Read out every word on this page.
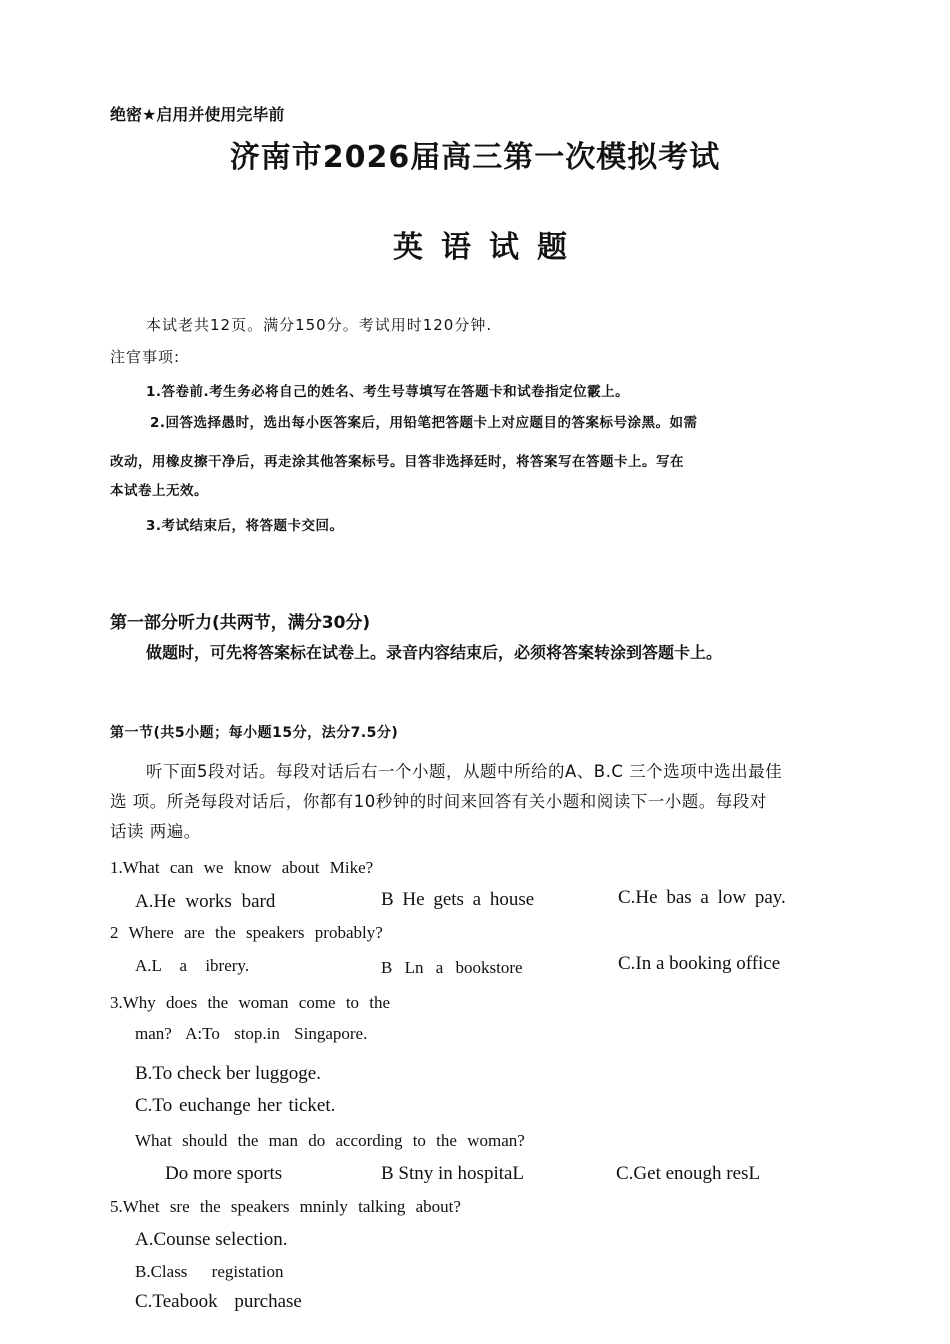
绝密★启用并使用完毕前
济南市2026届高三第一次模拟考试
英语试题
本试老共12页。满分150分。考试用时120分钟.
注官事项:
1.答卷前.考生务必将自己的姓名、考生号荨填写在答题卡和试卷指定位霰上。
2.回答选择愚时，选出每小医答案后，用铅笔把答题卡上对应题目的答案标号涂黑。如需
改动，用橡皮擦干净后，再走涂其他答案标号。目答非选择廷时，将答案写在答题卡上。写在
本试卷上无效。
3.考试结束后，将答题卡交回。
第一部分听力(共两节，满分30分)
做题时，可先将答案标在试卷上。录音内容结束后，必须将答案转涂到答题卡上。
第一节(共5小题；每小题15分，法分7.5分)
听下面5段对话。每段对话后右一个小题，从题中所给的A、B.C 三个选项中选出最佳
选 项。所尧每段对话后，你都有10秒钟的时间来回答有关小题和阅读下一小题。每段对
话读 两遍。
1.What can we know about Mike?
A.He works bard	B He gets a house	C.He bas a low pay.
2 Where are the speakers probably?
A.L a ibrery.	B Ln a bookstore	C.In a booking office
3.Why does the woman come to the
man? A:To stop.in Singapore.
B.To check ber luggoge.
C.To euchange her ticket.
What should the man do according to the woman?
Do more sports	B Stny in hospitaL	C.Get enough resL
5.Whet sre the speakers mninly talking about?
A.Counse selection.
B.Class registation
C.Teabook purchase
